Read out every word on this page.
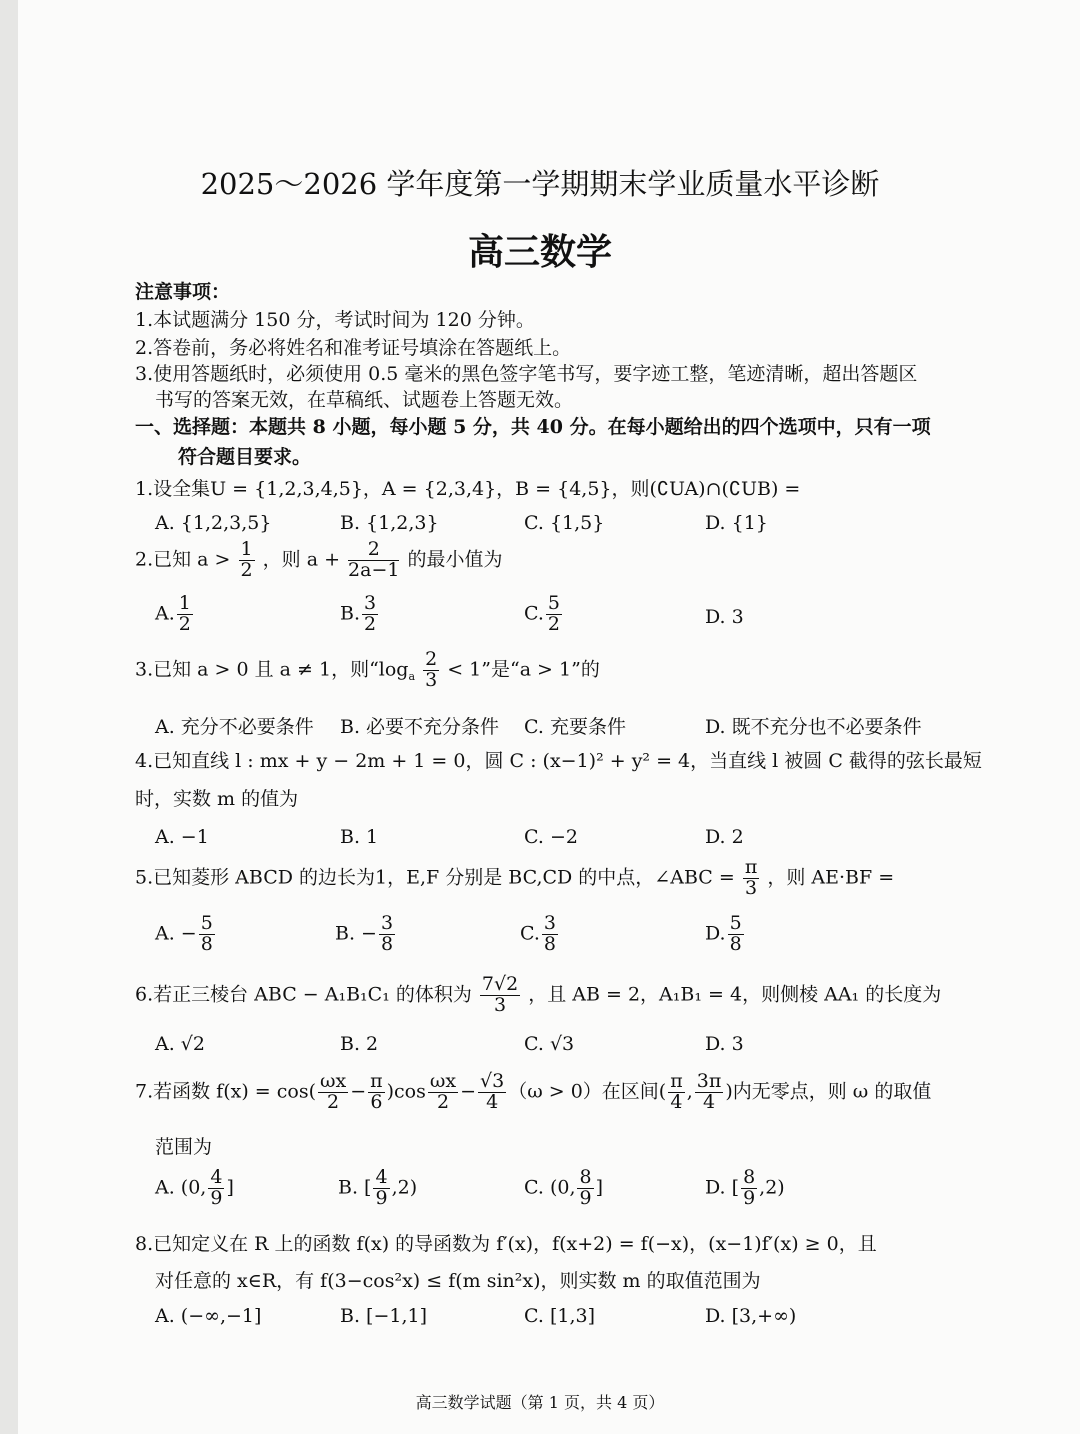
2025～2026 学年度第一学期期末学业质量水平诊断
高三数学
注意事项：
1.本试题满分 150 分，考试时间为 120 分钟。
2.答卷前，务必将姓名和准考证号填涂在答题纸上。
3.使用答题纸时，必须使用 0.5 毫米的黑色签字笔书写，要字迹工整，笔迹清晰，超出答题区
书写的答案无效，在草稿纸、试题卷上答题无效。
一、选择题：本题共 8 小题，每小题 5 分，共 40 分。在每小题给出的四个选项中，只有一项
符合题目要求。
1.设全集U = {1,2,3,4,5}，A = {2,3,4}，B = {4,5}，则(∁UA)∩(∁UB) =
A. {1,2,3,5}	B. {1,2,3}	C. {1,5}	D. {1}
2.已知 $a > \frac{1}{2}$ ，则 $a + \frac{2}{2a-1}$ 的最小值为
A. $\frac{1}{2}$	B. $\frac{3}{2}$	C. $\frac{5}{2}$	D. 3
3.已知 a > 0 且 a ≠ 1，则“$\log_a \frac{2}{3} < 1$”是“a > 1”的
A. 充分不必要条件 B. 必要不充分条件 C. 充要条件	D. 既不充分也不必要条件
4.已知直线 l : mx + y − 2m + 1 = 0，圆 C : (x−1)² + y² = 4，当直线 l 被圆 C 截得的弦长最短
时，实数 m 的值为
A. −1	B. 1	C. −2	D. 2
5.已知菱形 ABCD 的边长为1，E,F 分别是 BC,CD 的中点，∠ABC = $\frac{\pi}{3}$ ，则 AE·BF =
A. − $\frac{5}{8}$	B. − $\frac{3}{8}$	C. $\frac{3}{8}$	D. $\frac{5}{8}$
6.若正三棱台 ABC − A₁B₁C₁ 的体积为 $\frac{7√2}{3}$ ，且 AB = 2，A₁B₁ = 4，则侧棱 AA₁ 的长度为
A. √2	B. 2	C. √3	D. 3
7.若函数 $f(x) = \cos( \frac{\omega x}{2} - \frac{\pi}{6} )\cos \frac{\omega x}{2} - \frac{√3}{4} (\omega > 0)$在区间( $\frac{\pi}{4}$ , $\frac{3\pi}{4}$ )内无零点，则 ω 的取值
范围为
A. (0, $\frac{4}{9}$ ]	B. [ $\frac{4}{9} ,2$)	C. (0, $\frac{8}{9}$ ]	D. [ $\frac{8}{9} ,2$)
8.已知定义在 R 上的函数 f(x) 的导函数为 f′(x)，f(x+2) = f(−x)，(x−1)f′(x) ≥ 0，且
对任意的 x∈R，有 f(3−cos²x) ≤ f(m sin²x)，则实数 m 的取值范围为
A. (−∞,−1]	B. [−1,1]	C. [1,3]	D. [3,+∞)
高三数学试题（第 1 页，共 4 页）
